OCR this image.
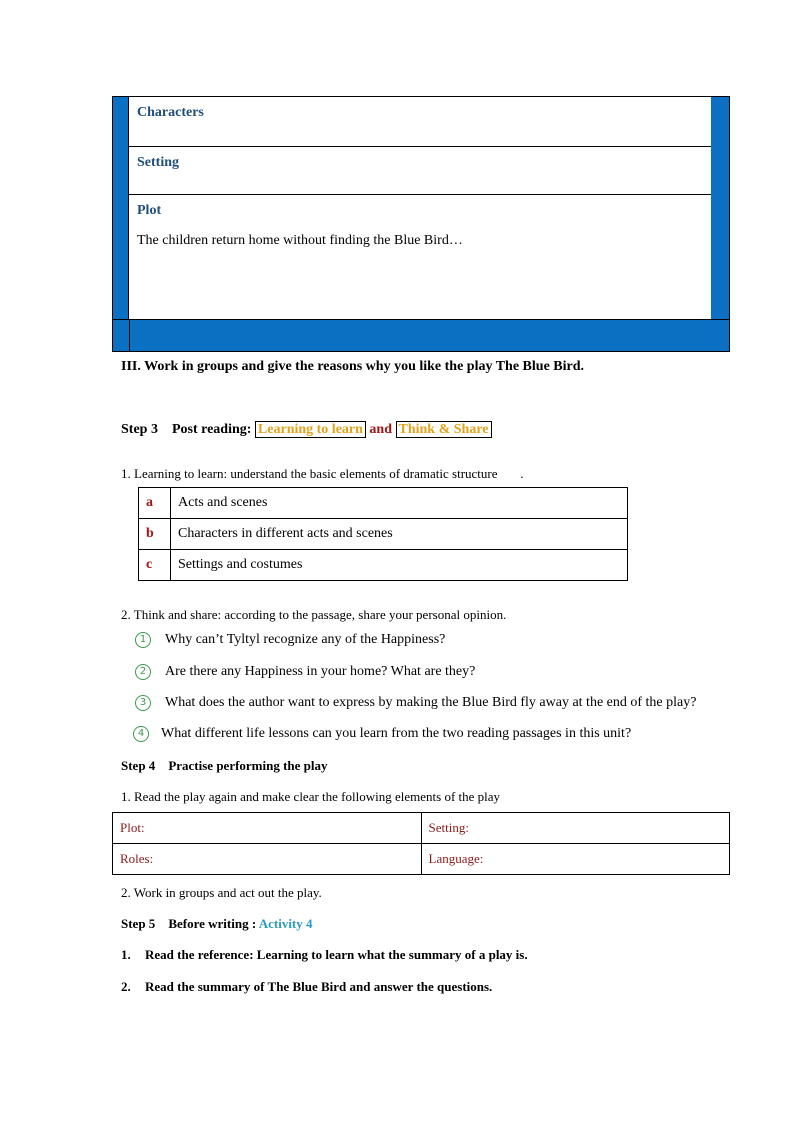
Characters
Setting
Plot
The children return home without finding the Blue Bird…
III. Work in groups and give the reasons why you like the play The Blue Bird.
Step 3 Post reading: Learning to learn and Think & Share
1. Learning to learn: understand the basic elements of dramatic structure .
a	Acts and scenes
b	Characters in different acts and scenes
c	Settings and costumes
2. Think and share: according to the passage, share your personal opinion.
1 Why can’t Tyltyl recognize any of the Happiness?
2 Are there any Happiness in your home? What are they?
3 What does the author want to express by making the Blue Bird fly away at the end of the play?
4 What different life lessons can you learn from the two reading passages in this unit?
Step 4 Practise performing the play
1. Read the play again and make clear the following elements of the play
Plot:	Setting:
Roles:	Language:
2. Work in groups and act out the play.
Step 5 Before writing : Activity 4
1. Read the reference: Learning to learn what the summary of a play is.
2. Read the summary of The Blue Bird and answer the questions.
